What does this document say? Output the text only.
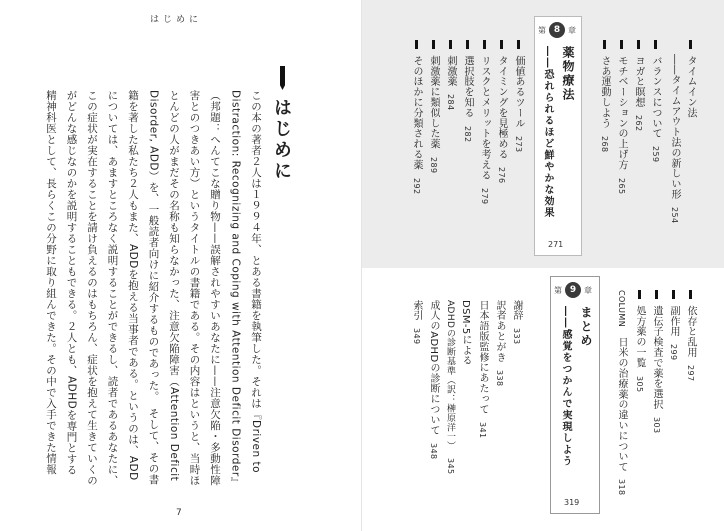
はじめに
はじめに
この本の著者２人は１９９４年、とある書籍を執筆した。それは『Driven to Distraction: Recognizing and Coping with Attention Deficit Disorder』（邦題：へんてこな贈り物——誤解されやすいあなたに——注意欠陥・多動性障害とのつきあい方）というタイトルの書籍である。その内容はというと、当時ほとんどの人がまだその名称も知らなかった、注意欠陥障害（Attention Deficit Disorder, ADD）を、一般読者向けに紹介するものであった。　そして、その書籍を著した私たち２人もまた、ADDを抱える当事者である。というのは、ADDについては、あますところなく説明することができるし、読者であるあなたに、この症状が実在することを請け負えるのはもちろん、症状を抱えて生きていくのがどんな感じなのかを説明することもできる。２人とも、ADHDを専門とする精神科医として、長らくこの分野に取り組んできた。その中で入手できた情報
7
タイムイン法
――タイムアウト法の新しい形 254
バランスについて 259
ヨガと瞑想 262
モチベーションの上げ方 265
さあ運動しよう 268
第 8 章
薬物療法
――恐れられるほど鮮やかな効果
271
価値あるツール 273
タイミングを見極める 276
リスクとメリットを考える 279
選択肢を知る 282
刺激薬 284
刺激薬に類似した薬 289
そのほかに分類される薬 292
依存と乱用 297
副作用 299
遺伝子検査で薬を選択 303
処方薬の一覧 305
COLUMN 日米の治療薬の違いについて 318
第 9 章
まとめ
――感覚をつかんで実現しよう
319
謝辞 333
訳者あとがき 338
日本語版監修にあたって 341
DSM-5による
ADHDの診断基準（訳：榊原洋一） 345
成人のADHDの診断について 348
索引 349
